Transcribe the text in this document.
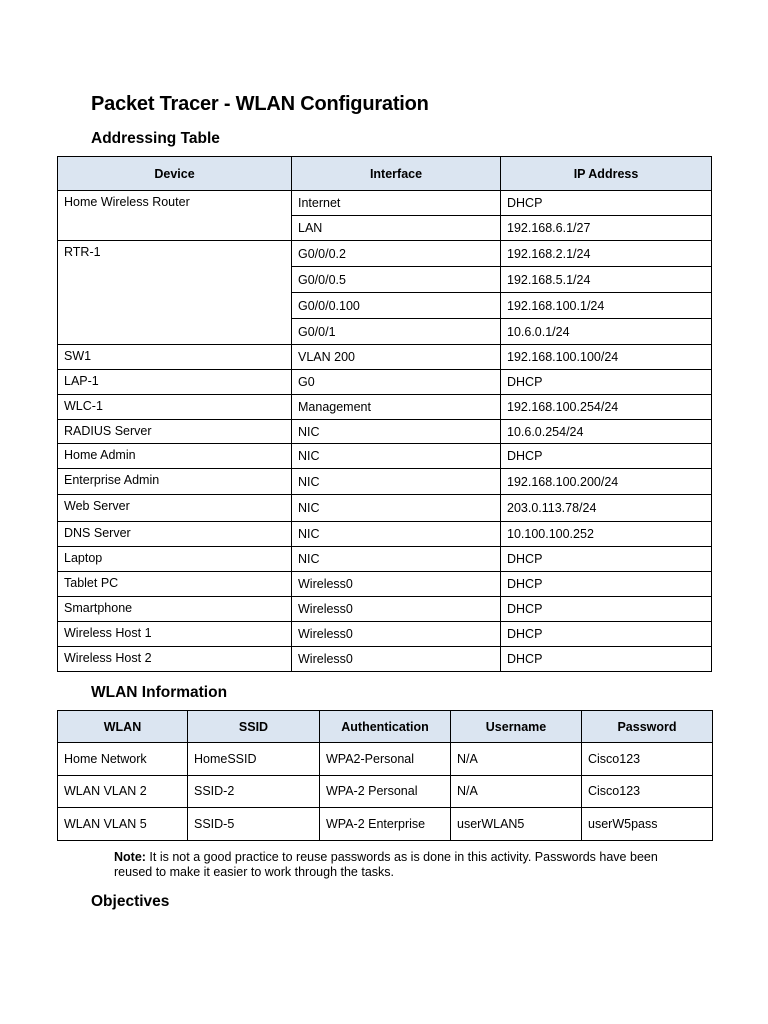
Packet Tracer - WLAN Configuration
Addressing Table
Device	Interface	IP Address
Home Wireless Router	Internet	DHCP
	LAN	192.168.6.1/27
RTR-1	G0/0/0.2	192.168.2.1/24
	G0/0/0.5	192.168.5.1/24
	G0/0/0.100	192.168.100.1/24
	G0/0/1	10.6.0.1/24
SW1	VLAN 200	192.168.100.100/24
LAP-1	G0	DHCP
WLC-1	Management	192.168.100.254/24
RADIUS Server	NIC	10.6.0.254/24
Home Admin	NIC	DHCP
Enterprise Admin	NIC	192.168.100.200/24
Web Server	NIC	203.0.113.78/24
DNS Server	NIC	10.100.100.252
Laptop	NIC	DHCP
Tablet PC	Wireless0	DHCP
Smartphone	Wireless0	DHCP
Wireless Host 1	Wireless0	DHCP
Wireless Host 2	Wireless0	DHCP
WLAN Information
WLAN	SSID	Authentication	Username	Password
Home Network	HomeSSID	WPA2-Personal	N/A	Cisco123
WLAN VLAN 2	SSID-2	WPA-2 Personal	N/A	Cisco123
WLAN VLAN 5	SSID-5	WPA-2 Enterprise	userWLAN5	userW5pass
Note: It is not a good practice to reuse passwords as is done in this activity. Passwords have been reused to make it easier to work through the tasks.
Objectives
